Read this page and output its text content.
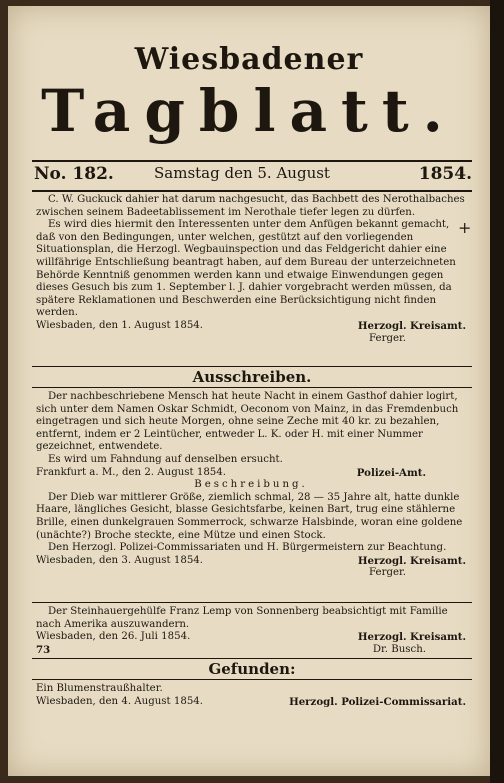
Wiesbadener
Tagblatt.
No. 182.	Samstag den 5. August	1854.
+

C. W. Guckuck dahier hat darum nachgesucht, das Bachbett des Nerothalbaches zwischen seinem Badeetablissement im Nerothale tiefer legen zu dürfen.

Es wird dies hiermit den Interessenten unter dem Anfügen bekannt gemacht, daß von den Bedingungen, unter welchen, gestützt auf den vorliegenden Situationsplan, die Herzogl. Wegbauinspection und das Feldgericht dahier eine willfährige Entschließung beantragt haben, auf dem Bureau der unterzeichneten Behörde Kenntniß genommen werden kann und etwaige Einwendungen gegen dieses Gesuch bis zum 1. September l. J. dahier vorgebracht werden müssen, da spätere Reklamationen und Beschwerden eine Berücksichtigung nicht finden werden.

Wiesbaden, den 1. August 1854.	Herzogl. Kreisamt.

Ferger.

Ausschreiben.

Der nachbeschriebene Mensch hat heute Nacht in einem Gasthof dahier logirt, sich unter dem Namen Oskar Schmidt, Oeconom von Mainz, in das Fremdenbuch eingetragen und sich heute Morgen, ohne seine Zeche mit 40 kr. zu bezahlen, entfernt, indem er 2 Leintücher, entweder L. K. oder H. mit einer Nummer gezeichnet, entwendete.

Es wird um Fahndung auf denselben ersucht.

Frankfurt a. M., den 2. August 1854.	Polizei-Amt.

Beschreibung.

Der Dieb war mittlerer Größe, ziemlich schmal, 28 — 35 Jahre alt, hatte dunkle Haare, längliches Gesicht, blasse Gesichtsfarbe, keinen Bart, trug eine stählerne Brille, einen dunkelgrauen Sommerrock, schwarze Halsbinde, woran eine goldene (unächte?) Broche steckte, eine Mütze und einen Stock.

Den Herzogl. Polizei-Commissariaten und H. Bürgermeistern zur Beachtung.

Wiesbaden, den 3. August 1854.	Herzogl. Kreisamt.

Ferger.

Der Steinhauergehülfe Franz Lemp von Sonnenberg beabsichtigt mit Familie nach Amerika auszuwandern.

Wiesbaden, den 26. Juli 1854.	Herzogl. Kreisamt.
73	Dr. Busch.
Gefunden:

Ein Blumenstraußhalter.

Wiesbaden, den 4. August 1854.	Herzogl. Polizei-Commissariat.
